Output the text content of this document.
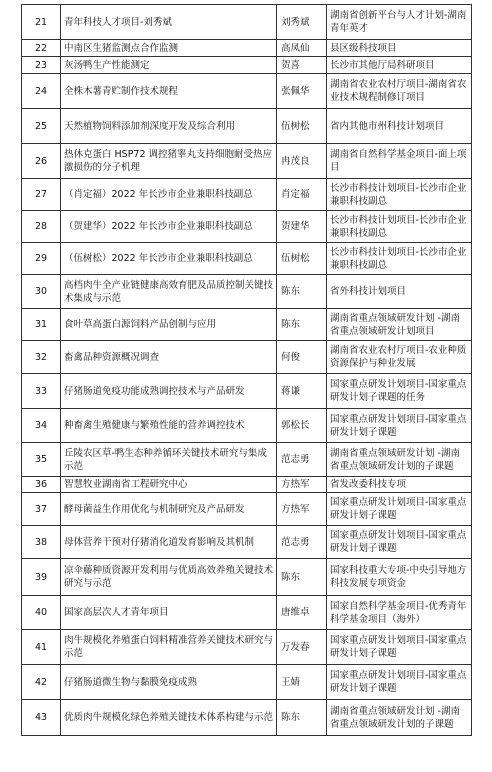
21	青年科技人才项目-刘秀斌	刘秀斌	湖南省创新平台与人才计划-湖南青年英才
22	中南区生猪监测点合作监测	高凤仙	县区级科技项目
23	灰汤鸭生产性能测定	贺喜	长沙市其他厅局科研项目
24	全株木薯青贮制作技术规程	张佩华	湖南省农业农村厅项目-湖南省农业技术规程制修订项目
25	天然植物饲料添加剂深度开发及综合利用	伍树松	省内其他市州科技计划项目
26	热休克蛋白 HSP72 调控猪睾丸支持细胞耐受热应激损伤的分子机理	冉茂良	湖南省自然科学基金项目-面上项目
27	（肖定福）2022 年长沙市企业兼职科技副总	肖定福	长沙市科技计划项目-长沙市企业兼职科技副总
28	（贺建华）2022 年长沙市企业兼职科技副总	贺建华	长沙市科技计划项目-长沙市企业兼职科技副总
29	（伍树松）2022 年长沙市企业兼职科技副总	伍树松	长沙市科技计划项目-长沙市企业兼职科技副总
30	高档肉牛全产业链健康高效育肥及品质控制关键技术集成与示范	陈东	省外科技计划项目
31	食叶草高蛋白源饲料产品创制与应用	陈东	湖南省重点领域研发计划 -湖南省重点领域研发计划项目
32	畜禽品种资源概况调查	何俊	湖南省农业农村厅项目-农业种质资源保护与种业发展
33	仔猪肠道免疫功能成熟调控技术与产品研发	蒋谦	国家重点研发计划项目-国家重点研发计划子课题的任务
34	种畜禽生殖健康与繁殖性能的营养调控技术	郭松长	国家重点研发计划项目-国家重点研发计划子课题
35	丘陵农区草-鸭生态种养循环关键技术研究与集成示范	范志勇	湖南省重点领域研发计划 -湖南省重点领域研发计划的子课题
36	智慧牧业湖南省工程研究中心	方热军	省发改委科技专项
37	酵母菌益生作用优化与机制研究及产品研发	方热军	国家重点研发计划项目-国家重点研发计划子课题
38	母体营养干预对仔猪消化道发育影响及其机制	范志勇	国家重点研发计划项目-国家重点研发计划子课题
39	凉伞藤种质资源开发利用与优质高效养殖关键技术研究与示范	陈东	国家科技重大专项-中央引导地方科技发展专项资金
40	国家高层次人才青年项目	唐维卓	国家自然科学基金项目-优秀青年科学基金项目（海外）
41	肉牛规模化养殖蛋白饲料精准营养关键技术研究与示范	万发春	国家重点研发计划项目-国家重点研发计划子课题
42	仔猪肠道微生物与黏膜免疫成熟	王婧	国家重点研发计划项目-国家重点研发计划子课题
43	优质肉牛规模化绿色养殖关键技术体系构建与示范	陈东	湖南省重点领域研发计划 -湖南省重点领域研发计划的子课题
